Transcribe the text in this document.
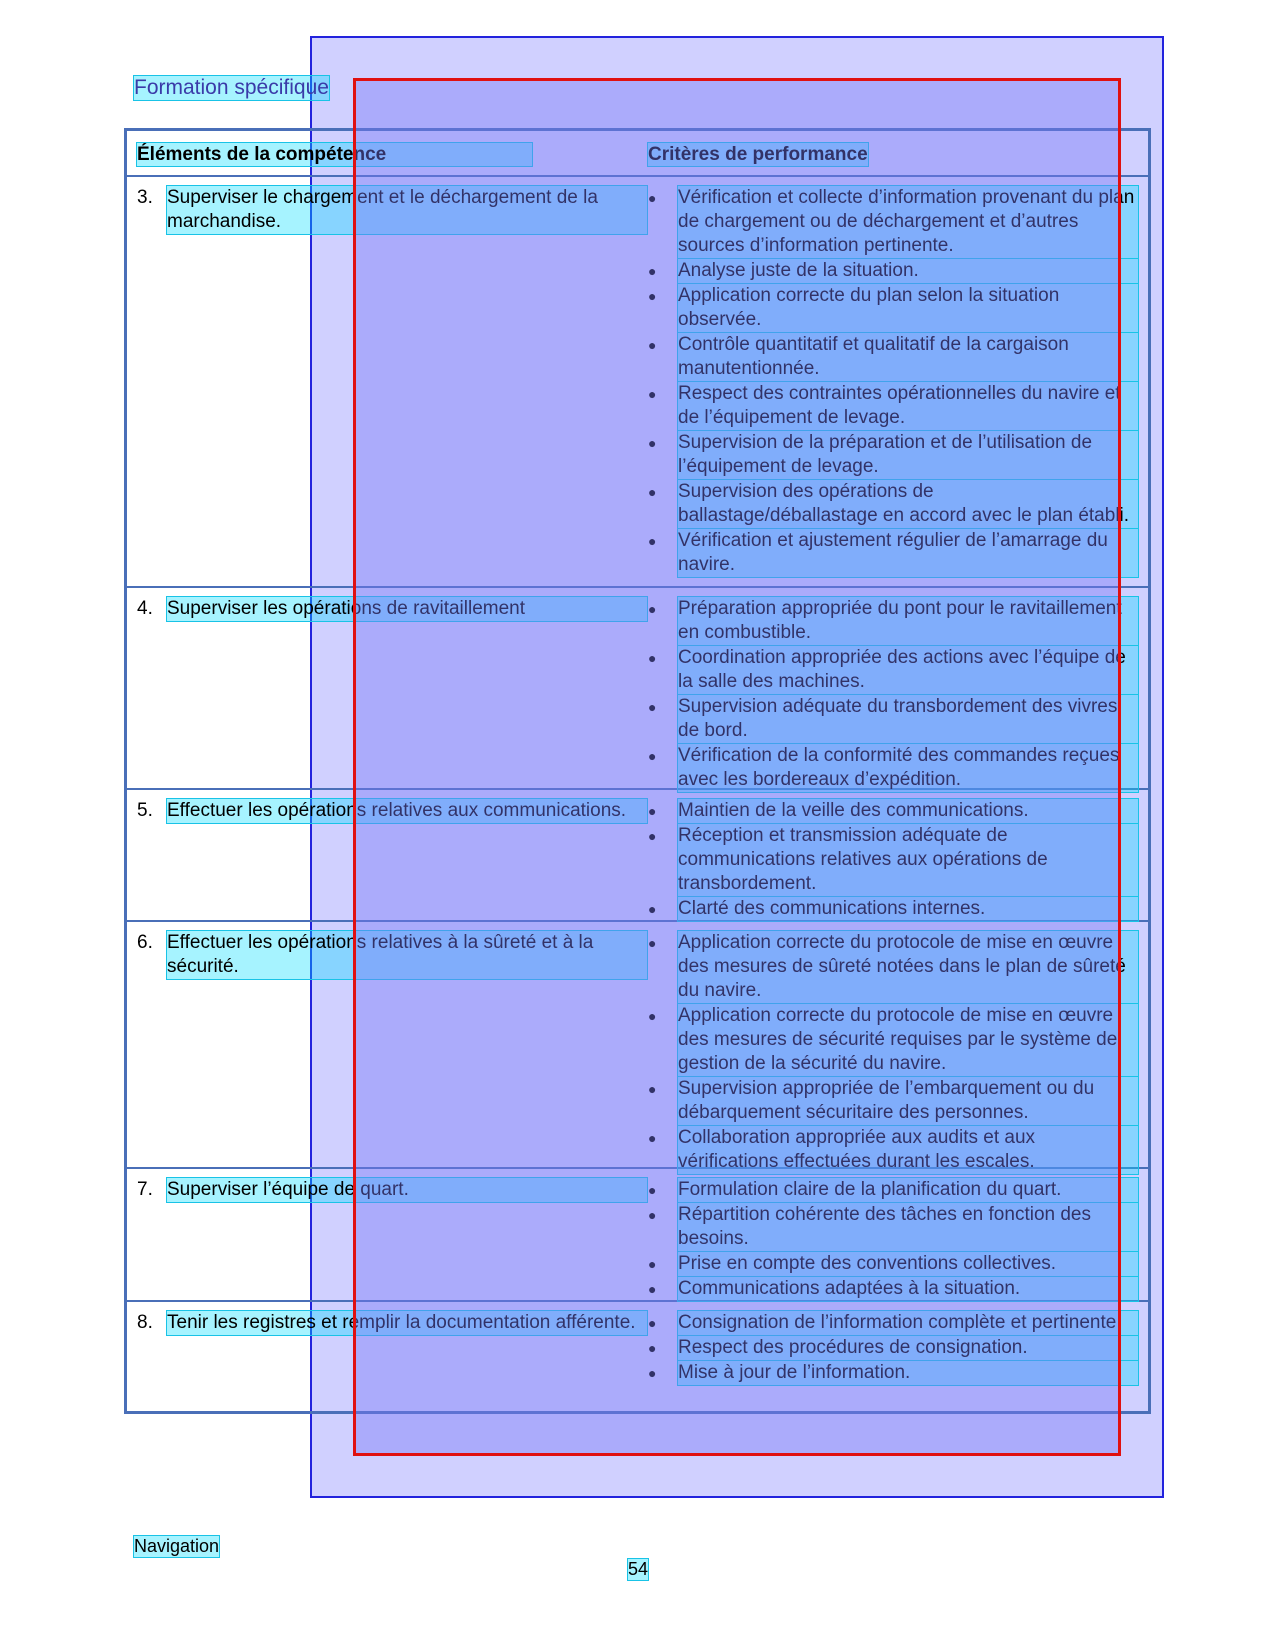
Formation spécifique
Éléments de la compétence	Critères de performance
3. Superviser le chargement et le déchargement de la marchandise.
●	Vérification et collecte d’information provenant du plan de chargement ou de déchargement et d’autres sources d’information pertinente.
●	Analyse juste de la situation.
●	Application correcte du plan selon la situation observée.
●	Contrôle quantitatif et qualitatif de la cargaison manutentionnée.
●	Respect des contraintes opérationnelles du navire et de l’équipement de levage.
●	Supervision de la préparation et de l’utilisation de l’équipement de levage.
●	Supervision des opérations de ballastage/déballastage en accord avec le plan établi.
●	Vérification et ajustement régulier de l’amarrage du navire.
4. Superviser les opérations de ravitaillement	●	Préparation appropriée du pont pour le ravitaillement en combustible.
●	Coordination appropriée des actions avec l’équipe de la salle des machines.
●	Supervision adéquate du transbordement des vivres de bord.
●	Vérification de la conformité des commandes reçues avec les bordereaux d’expédition.
5. Effectuer les opérations relatives aux communications.	●	Maintien de la veille des communications.
●	Réception et transmission adéquate de communications relatives aux opérations de transbordement.
●	Clarté des communications internes.
6. Effectuer les opérations relatives à la sûreté et à la sécurité.
●	Application correcte du protocole de mise en œuvre des mesures de sûreté notées dans le plan de sûreté du navire.
●	Application correcte du protocole de mise en œuvre des mesures de sécurité requises par le système de gestion de la sécurité du navire.
●	Supervision appropriée de l’embarquement ou du débarquement sécuritaire des personnes.
●	Collaboration appropriée aux audits et aux vérifications effectuées durant les escales.
7. Superviser l’équipe de quart.	●	Formulation claire de la planification du quart.
●	Répartition cohérente des tâches en fonction des besoins.
●	Prise en compte des conventions collectives.
●	Communications adaptées à la situation.
8. Tenir les registres et remplir la documentation afférente. ●	Consignation de l’information complète et pertinente.
●	Respect des procédures de consignation.
●	Mise à jour de l’information.
Navigation
54
